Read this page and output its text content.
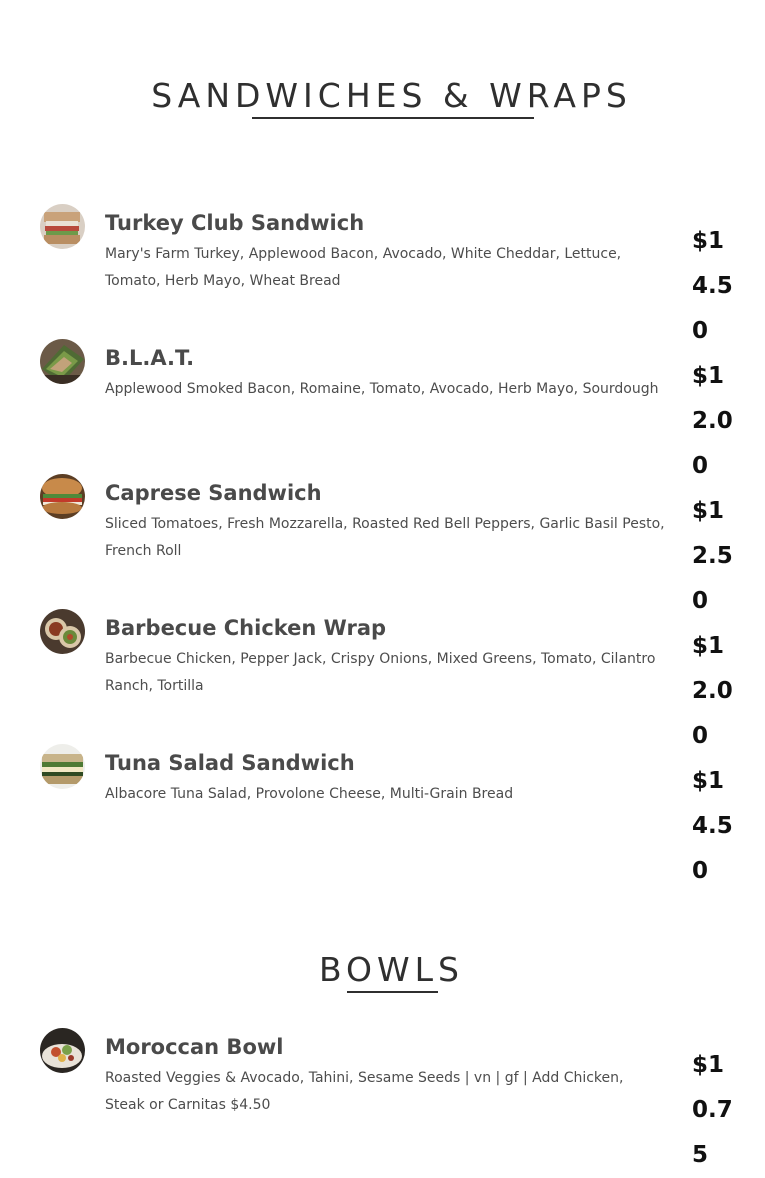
SANDWICHES & WRAPS
Turkey Club Sandwich
Mary's Farm Turkey, Applewood Bacon, Avocado, White Cheddar, Lettuce, Tomato, Herb Mayo, Wheat Bread
$14.50
B.L.A.T.
Applewood Smoked Bacon, Romaine, Tomato, Avocado, Herb Mayo, Sourdough $12.00
Caprese Sandwich
Sliced Tomatoes, Fresh Mozzarella, Roasted Red Bell Peppers, Garlic Basil Pesto, French Roll
$12.50
Barbecue Chicken Wrap
Barbecue Chicken, Pepper Jack, Crispy Onions, Mixed Greens, Tomato, Cilantro Ranch, Tortilla
$12.00
Tuna Salad Sandwich
Albacore Tuna Salad, Provolone Cheese, Multi-Grain Bread	$14.50
BOWLS
Moroccan Bowl
Roasted Veggies & Avocado, Tahini, Sesame Seeds | vn | gf | Add Chicken, Steak or Carnitas $4.50
$10.75
